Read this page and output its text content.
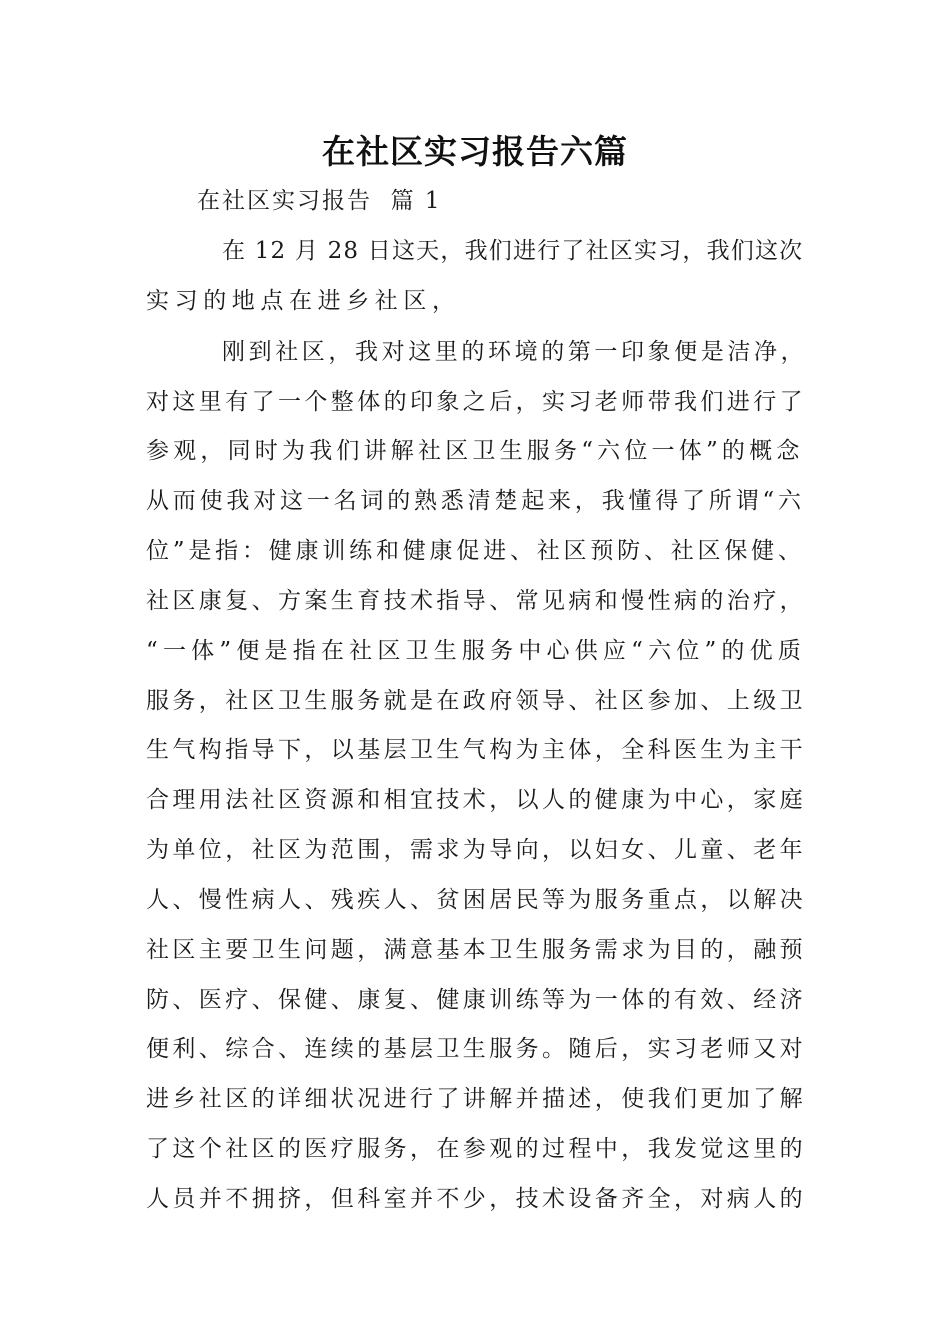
在社区实习报告六篇
在社区实习报告  篇 1
在 12 月 28 日这天，我们进行了社区实习，我们这次
实习的地点在进乡社区，
刚到社区，我对这里的环境的第一印象便是洁净，
对这里有了一个整体的印象之后，实习老师带我们进行了
参观，同时为我们讲解社区卫生服务“六位一体”的概念
从而使我对这一名词的熟悉清楚起来，我懂得了所谓“六
位”是指：健康训练和健康促进、社区预防、社区保健、
社区康复、方案生育技术指导、常见病和慢性病的治疗，
“一体”便是指在社区卫生服务中心供应“六位”的优质
服务，社区卫生服务就是在政府领导、社区参加、上级卫
生气构指导下，以基层卫生气构为主体，全科医生为主干
合理用法社区资源和相宜技术，以人的健康为中心，家庭
为单位，社区为范围，需求为导向，以妇女、儿童、老年
人、慢性病人、残疾人、贫困居民等为服务重点，以解决
社区主要卫生问题，满意基本卫生服务需求为目的，融预
防、医疗、保健、康复、健康训练等为一体的有效、经济
便利、综合、连续的基层卫生服务。随后，实习老师又对
进乡社区的详细状况进行了讲解并描述，使我们更加了解
了这个社区的医疗服务，在参观的过程中，我发觉这里的
人员并不拥挤，但科室并不少，技术设备齐全，对病人的
